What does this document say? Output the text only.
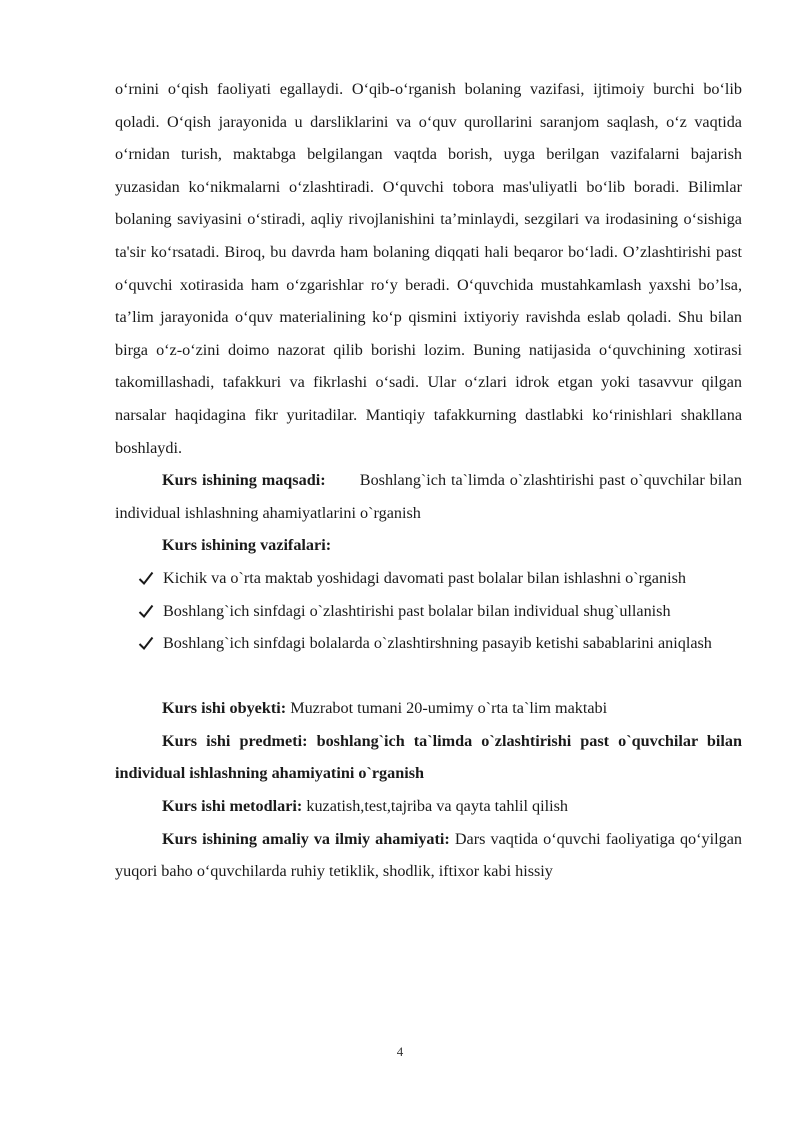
o‘rnini o‘qish faoliyati egallaydi. O‘qib-o‘rganish bolaning vazifasi, ijtimoiy burchi bo‘lib qoladi. O‘qish jarayonida u darsliklarini va o‘quv qurollarini saranjom saqlash, o‘z vaqtida o‘rnidan turish, maktabga belgilangan vaqtda borish, uyga berilgan vazifalarni bajarish yuzasidan ko‘nikmalarni o‘zlashtiradi. O‘quvchi tobora mas'uliyatli bo‘lib boradi. Bilimlar bolaning saviyasini o‘stiradi, aqliy rivojlanishini ta’minlaydi, sezgilari va irodasining o‘sishiga ta'sir ko‘rsatadi. Biroq, bu davrda ham bolaning diqqati hali beqaror bo‘ladi. O’zlashtirishi past o‘quvchi xotirasida ham o‘zgarishlar ro‘y beradi. O‘quvchida mustahkamlash yaxshi bo’lsa, ta’lim jarayonida o‘quv materialining ko‘p qismini ixtiyoriy ravishda eslab qoladi. Shu bilan birga o‘z-o‘zini doimo nazorat qilib borishi lozim. Buning natijasida o‘quvchining xotirasi takomillashadi, tafakkuri va fikrlashi o‘sadi. Ular o‘zlari idrok etgan yoki tasavvur qilgan narsalar haqidagina fikr yuritadilar. Mantiqiy tafakkurning dastlabki ko‘rinishlari shakllana boshlaydi.

Kurs ishining maqsadi: Boshlang`ich ta`limda o`zlashtirishi past o`quvchilar bilan individual ishlashning ahamiyatlarini o`rganish

Kurs ishining vazifalari:

Kichik va o`rta maktab yoshidagi davomati past bolalar bilan ishlashni o`rganish
Boshlang`ich sinfdagi o`zlashtirishi past bolalar bilan individual shug`ullanish
Boshlang`ich sinfdagi bolalarda o`zlashtirshning pasayib ketishi sabablarini aniqlash

Kurs ishi obyekti: Muzrabot tumani 20-umimy o`rta ta`lim maktabi

Kurs ishi predmeti: boshlang`ich ta`limda o`zlashtirishi past o`quvchilar bilan individual ishlashning ahamiyatini o`rganish

Kurs ishi metodlari: kuzatish,test,tajriba va qayta tahlil qilish

Kurs ishining amaliy va ilmiy ahamiyati: Dars vaqtida o‘quvchi faoliyatiga qo‘yilgan yuqori baho o‘quvchilarda ruhiy tetiklik, shodlik, iftixor kabi hissiy

4
